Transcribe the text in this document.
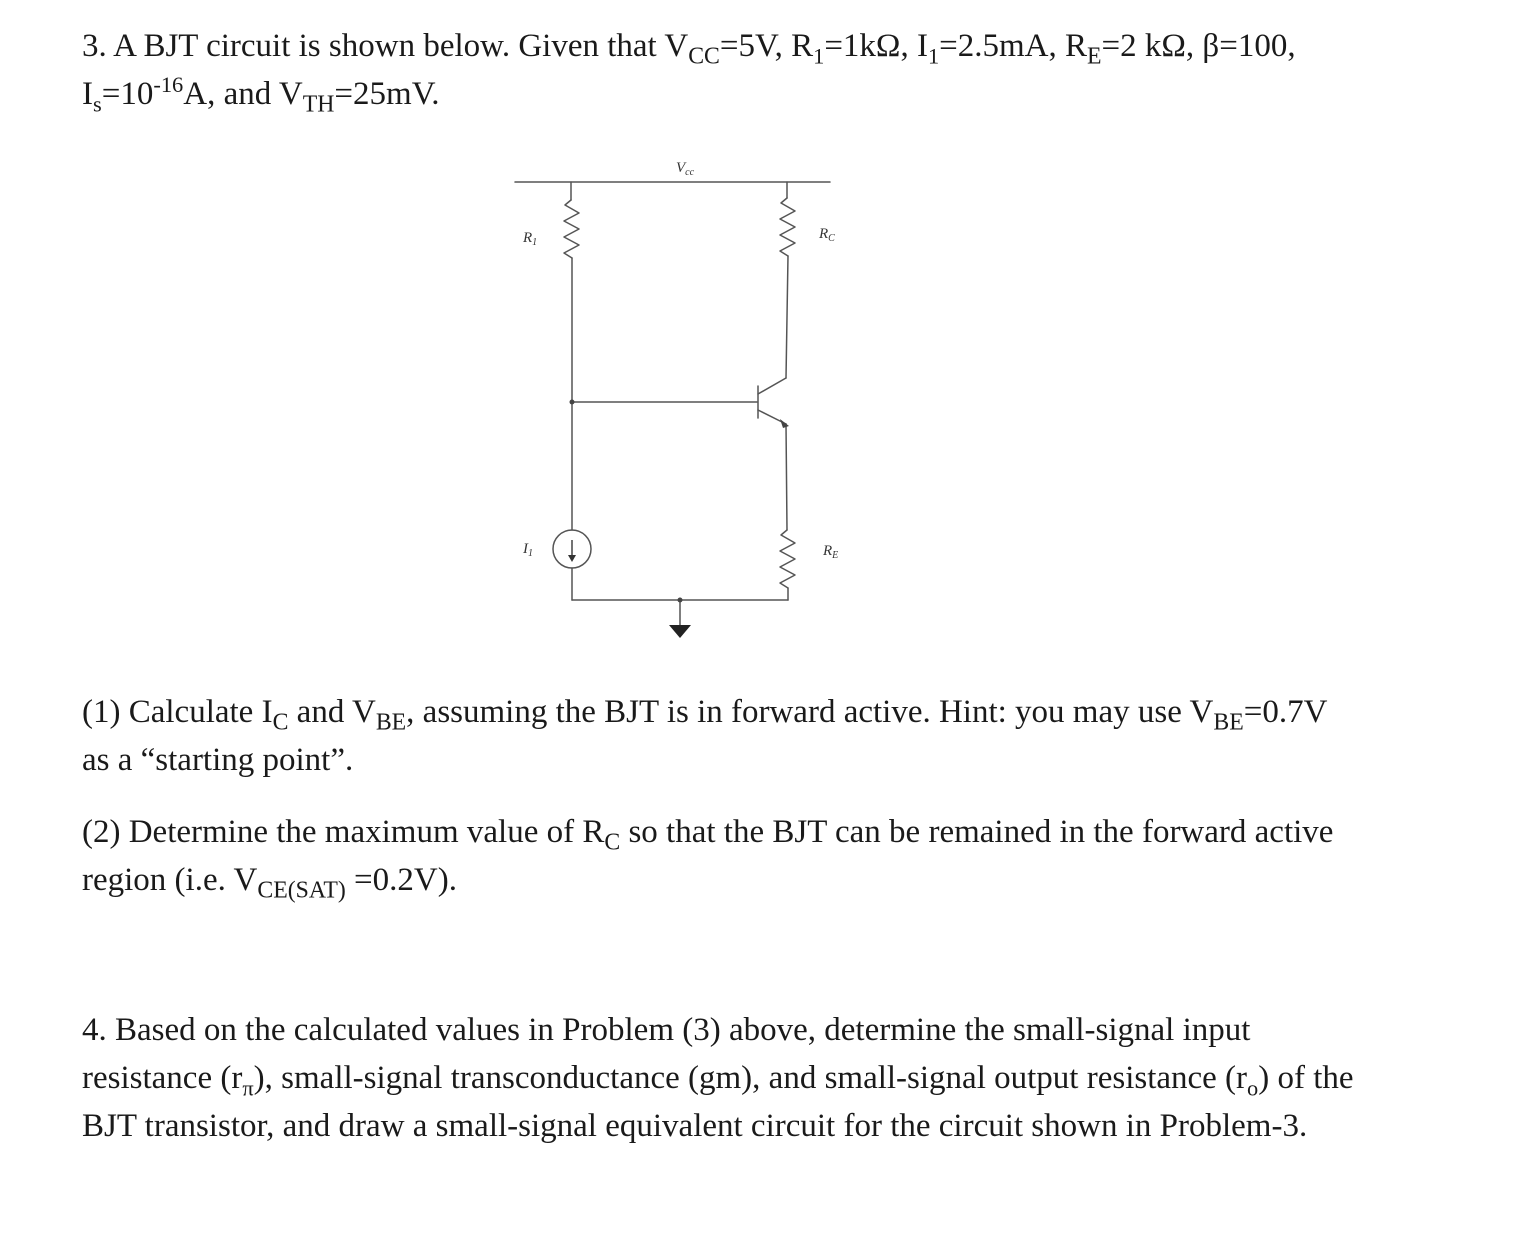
3. A BJT circuit is shown below. Given that $V_{CC}=5V$, $R_1=1k\Omega$, $I_1=2.5mA$, $R_E=2$ kΩ, β=100,
$I_s=10^{-16}A$, and $V_{TH}=25mV$.
$V_{cc}$
$R_1$
$R_C$
$I_1$	$R_E$
(1) Calculate $I_C$ and $V_{BE}$, assuming the BJT is in forward active. Hint: you may use $V_{BE}=0.7V$
as a “starting point”.
(2) Determine the maximum value of $R_C$ so that the BJT can be remained in the forward active
region (i.e. $V_{CE(SAT)} =0.2V$).
4. Based on the calculated values in Problem (3) above, determine the small-signal input
resistance $(r_\pi)$, small-signal transconductance (gm), and small-signal output resistance $(r_o)$ of the
BJT transistor, and draw a small-signal equivalent circuit for the circuit shown in Problem-3.
